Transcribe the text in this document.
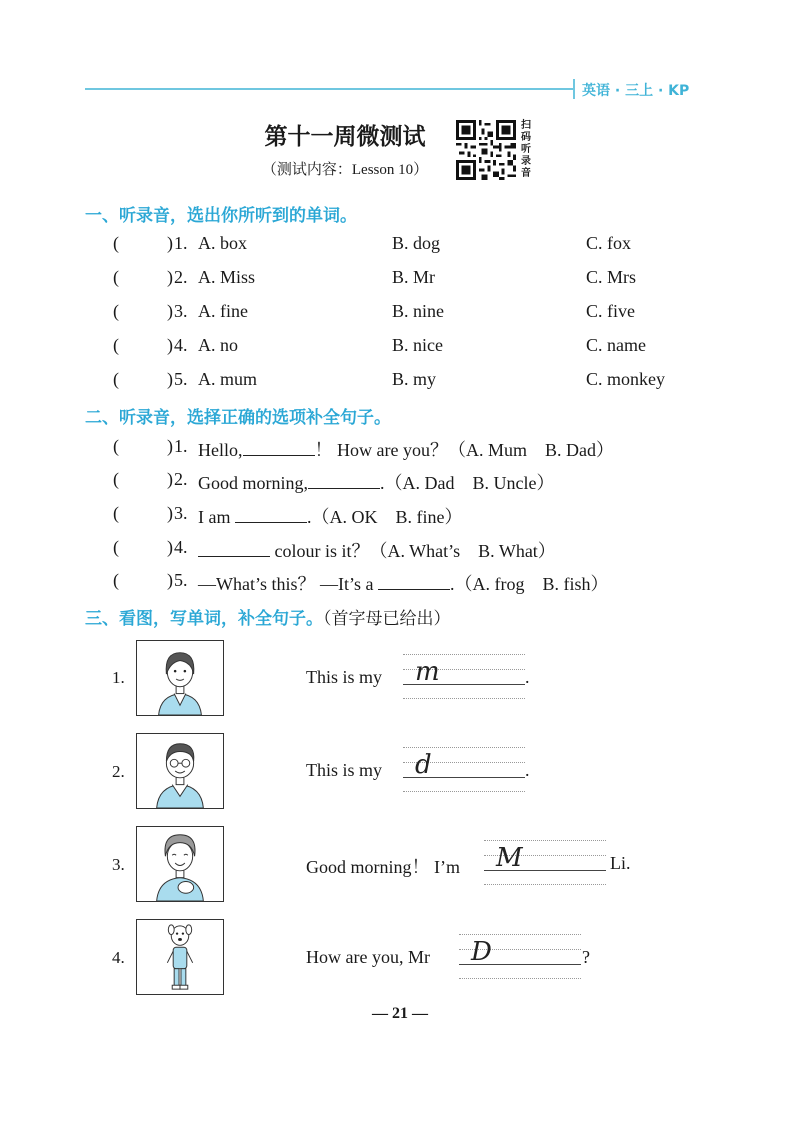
英语 · 三上 · KP
第十一周微测试
（测试内容：Lesson 10）
扫码听录音
一、听录音，选出你所听到的单词。
(	) 1. A. box	B. dog	C. fox
(	) 2. A. Miss	B. Mr	C. Mrs
(	) 3. A. fine	B. nine	C. five
(	) 4. A. no	B. nice	C. name
(	) 5. A. mum	B. my	C. monkey
二、听录音，选择正确的选项补全句子。
(	) 1. Hello,	！ How are you？（A. Mum　B. Dad）
(	) 2. Good morning,	.（A. Dad　B. Uncle）
(	) 3. I am	.（A. OK　B. fine）
(	) 4.	colour is it？（A. What’s　B. What）
(	) 5. —What’s this？ —It’s a	.（A. frog　B. fish）
三、看图，写单词，补全句子。（首字母已给出）
1.	This is my m	.
2.	This is my d	.
3.	Good morning！ I’m M	Li.
4.	How are you, Mr D	?
— 21 —
